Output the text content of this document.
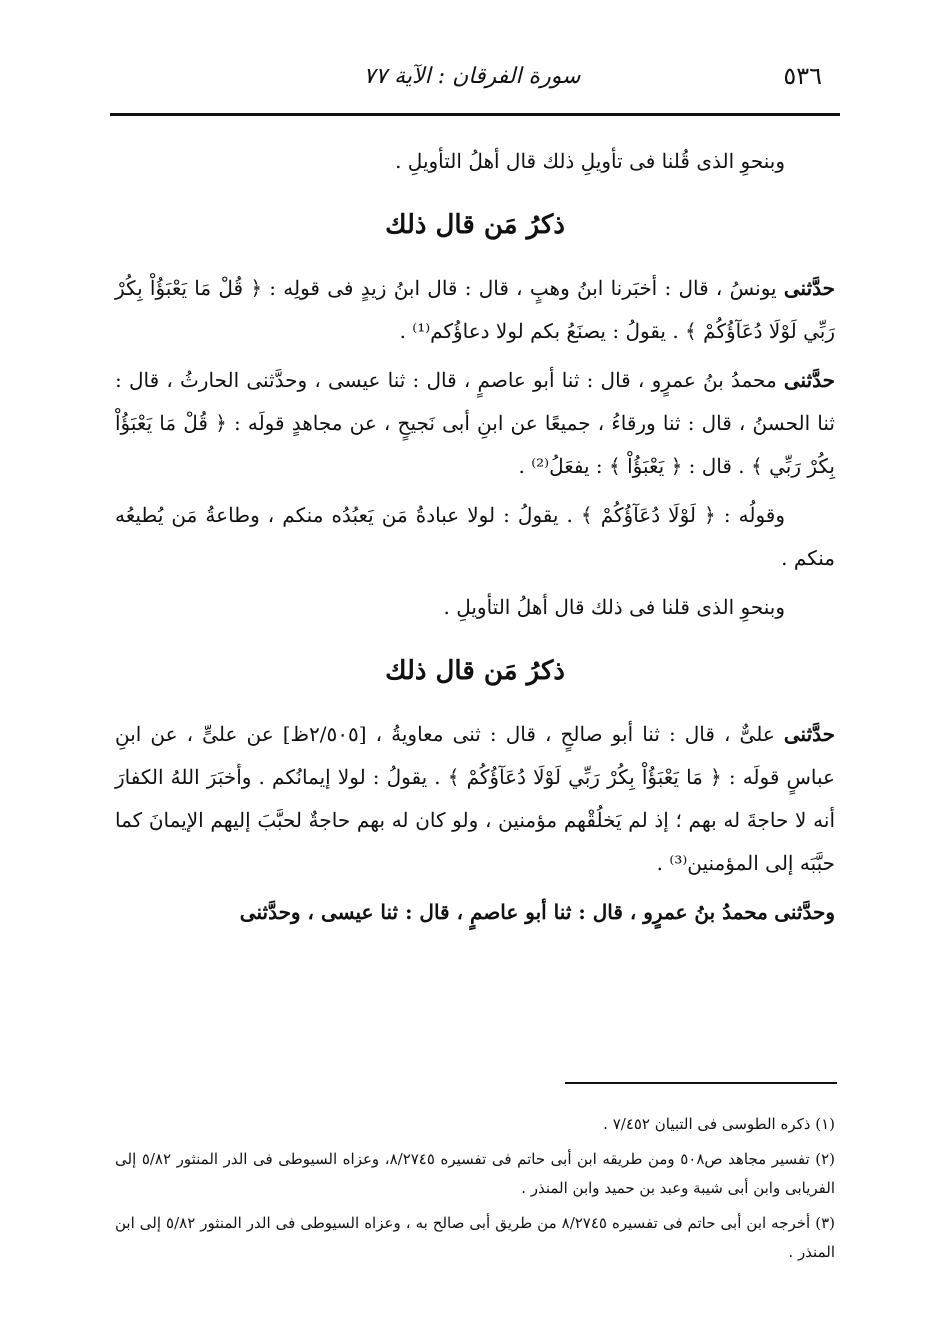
٥٣٦
سورة الفرقان : الآية ٧٧

وبنحوِ الذى قُلنا فى تأويلِ ذلك قال أهلُ التأويلِ .

ذكرُ مَن قال ذلك

حدَّثنى يونسُ ، قال : أخبَرنا ابنُ وهبٍ ، قال : قال ابنُ زيدٍ فى قولِه : ﴿ قُلْ مَا يَعْبَؤُاْ بِكُرْ رَبِّي لَوْلَا دُعَآؤُكُمْ ﴾ . يقولُ : يصنَعُ بكم لولا دعاؤُكم⁽¹⁾ .

حدَّثنى محمدُ بنُ عمرٍو ، قال : ثنا أبو عاصمٍ ، قال : ثنا عيسى ، وحدَّثنى الحارثُ ، قال : ثنا الحسنُ ، قال : ثنا ورقاءُ ، جميعًا عن ابنِ أبى نَجيحٍ ، عن مجاهدٍ قولَه : ﴿ قُلْ مَا يَعْبَؤُاْ بِكُرْ رَبِّي ﴾ . قال : ﴿ يَعْبَؤُاْ ﴾ : يفعَلُ⁽²⁾ .

وقولُه : ﴿ لَوْلَا دُعَآؤُكُمْ ﴾ . يقولُ : لولا عبادةُ مَن يَعبُدُه منكم ، وطاعةُ مَن يُطيعُه منكم .

وبنحوِ الذى قلنا فى ذلك قال أهلُ التأويلِ .

ذكرُ مَن قال ذلك

حدَّثنى علىٌّ ، قال : ثنا أبو صالحٍ ، قال : ثنى معاويةُ ، [٢/٥٠٥ظ] عن علىٍّ ، عن ابنِ عباسٍ قولَه : ﴿ مَا يَعْبَؤُاْ بِكُرْ رَبِّي لَوْلَا دُعَآؤُكُمْ ﴾ . يقولُ : لولا إيمانُكم . وأخبَرَ اللهُ الكفارَ أنه لا حاجةَ له بهم ؛ إذ لم يَخلُقْهم مؤمنين ، ولو كان له بهم حاجةٌ لحبَّبَ إليهم الإيمانَ كما حبَّبَه إلى المؤمنين⁽³⁾ .

وحدَّثنى محمدُ بنُ عمرٍو ، قال : ثنا أبو عاصمٍ ، قال : ثنا عيسى ، وحدَّثنى

(١) ذكره الطوسى فى التبيان ٧/٤٥٢ .

(٢) تفسير مجاهد ص٥٠٨ ومن طريقه ابن أبى حاتم فى تفسيره ٨/٢٧٤٥، وعزاه السيوطى فى الدر المنثور ٥/٨٢ إلى الفريابى وابن أبى شيبة وعبد بن حميد وابن المنذر .

(٣) أخرجه ابن أبى حاتم فى تفسيره ٨/٢٧٤٥ من طريق أبى صالح به ، وعزاه السيوطى فى الدر المنثور ٥/٨٢ إلى ابن المنذر .
